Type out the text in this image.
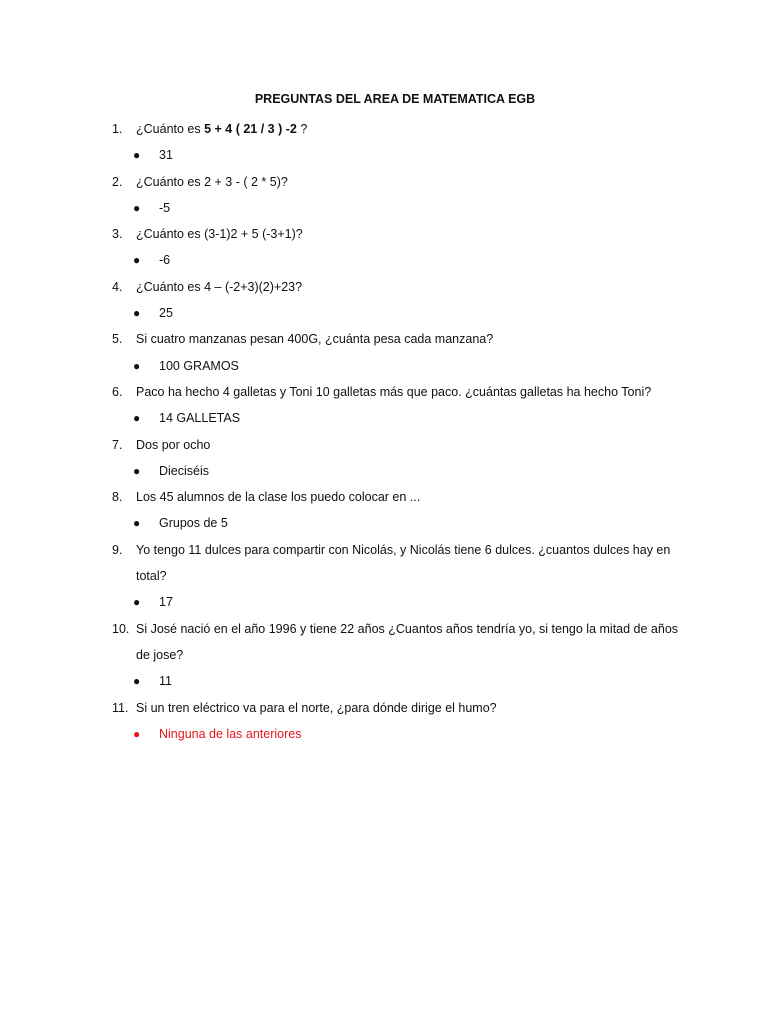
PREGUNTAS DEL AREA DE MATEMATICA EGB
1.	¿Cuánto es 5 + 4 ( 21 / 3 ) -2 ?
● 31
2.	¿Cuánto es 2 + 3 - ( 2 * 5)?
● -5
3.	¿Cuánto es (3-1)2 + 5 (-3+1)?
● -6
4.	¿Cuánto es 4 – (-2+3)(2)+23?
● 25
5.	Si cuatro manzanas pesan 400G, ¿cuánta pesa cada manzana?
● 100 GRAMOS
6.	Paco ha hecho 4 galletas y Toni 10 galletas más que paco. ¿cuántas galletas ha hecho Toni?
● 14 GALLETAS
7.	Dos por ocho
● Dieciséis
8.	Los 45 alumnos de la clase los puedo colocar en ...
● Grupos de 5
9.	Yo tengo 11 dulces para compartir con Nicolás, y Nicolás tiene 6 dulces. ¿cuantos dulces hay en
total?
● 17
10. Si José nació en el año 1996 y tiene 22 años ¿Cuantos años tendría yo, si tengo la mitad de años
de jose?
● 11
11. Si un tren eléctrico va para el norte, ¿para dónde dirige el humo?
● Ninguna de las anteriores
